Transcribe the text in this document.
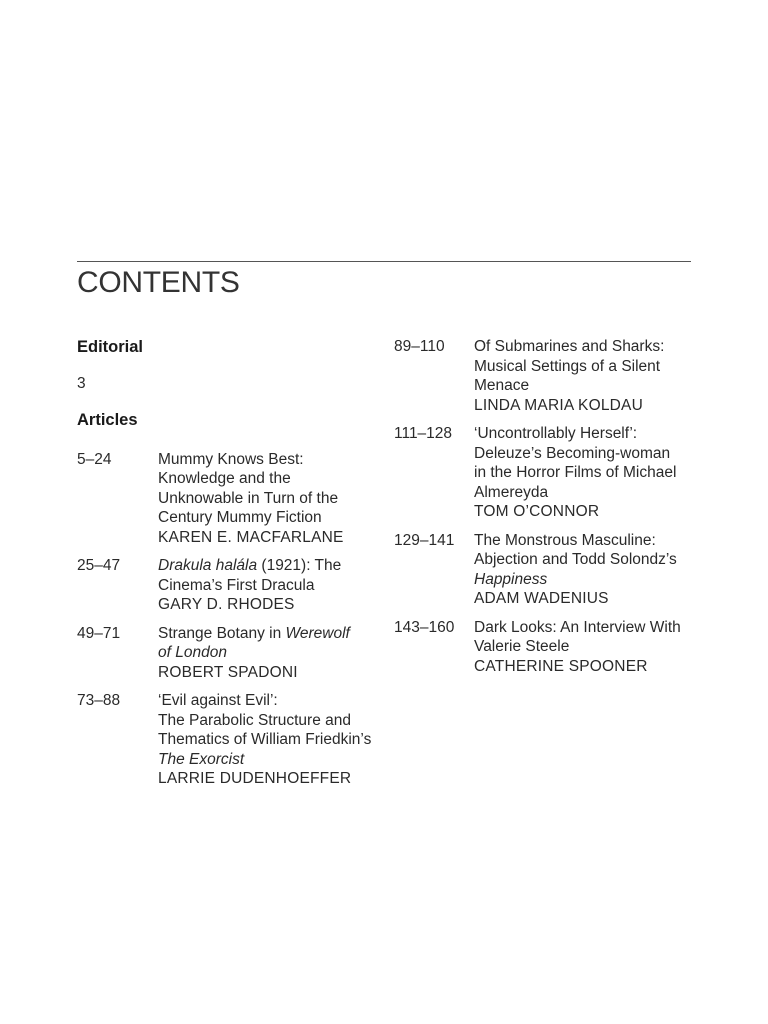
CONTENTS
Editorial
3
Articles
5–24	Mummy Knows Best:
Knowledge and the
Unknowable in Turn of the
Century Mummy Fiction
KAREN E. MACFARLANE
25–47	Drakula halála (1921): The
Cinema’s First Dracula
GARY D. RHODES
49–71	Strange Botany in Werewolf
of London
ROBERT SPADONI
73–88	‘Evil against Evil’:
The Parabolic Structure and
Thematics of William Friedkin’s
The Exorcist
LARRIE DUDENHOEFFER
89–110	Of Submarines and Sharks:
Musical Settings of a Silent
Menace
LINDA MARIA KOLDAU
111–128	‘Uncontrollably Herself’:
Deleuze’s Becoming-woman
in the Horror Films of Michael
Almereyda
TOM O’CONNOR
129–141	The Monstrous Masculine:
Abjection and Todd Solondz’s
Happiness
ADAM WADENIUS
143–160	Dark Looks: An Interview With
Valerie Steele
CATHERINE SPOONER
